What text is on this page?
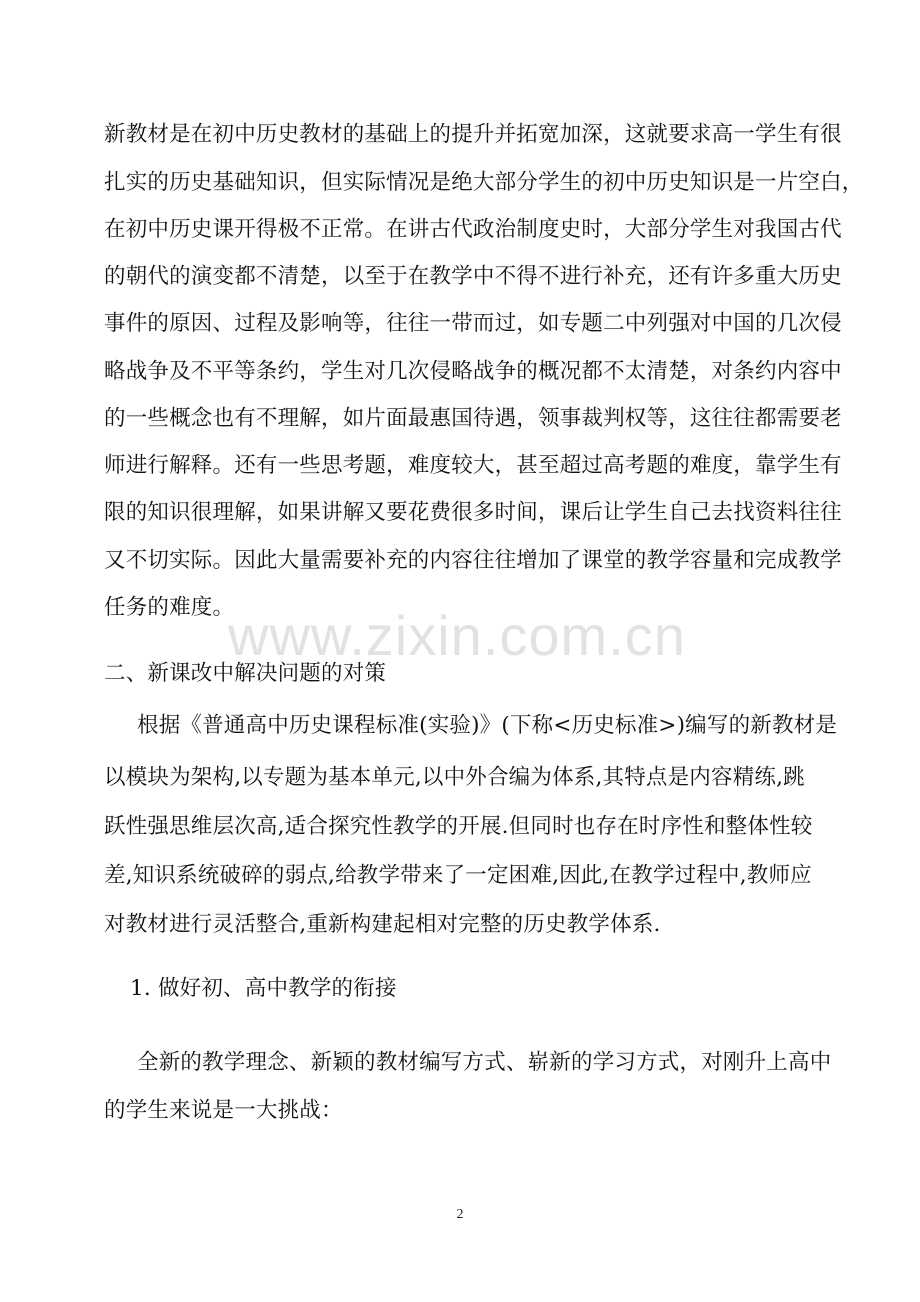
新教材是在初中历史教材的基础上的提升并拓宽加深，这就要求高一学生有很
扎实的历史基础知识，但实际情况是绝大部分学生的初中历史知识是一片空白，
在初中历史课开得极不正常。在讲古代政治制度史时，大部分学生对我国古代
的朝代的演变都不清楚，以至于在教学中不得不进行补充，还有许多重大历史
事件的原因、过程及影响等，往往一带而过，如专题二中列强对中国的几次侵
略战争及不平等条约，学生对几次侵略战争的概况都不太清楚，对条约内容中
的一些概念也有不理解，如片面最惠国待遇，领事裁判权等，这往往都需要老
师进行解释。还有一些思考题，难度较大，甚至超过高考题的难度，靠学生有
限的知识很理解，如果讲解又要花费很多时间，课后让学生自己去找资料往往
又不切实际。因此大量需要补充的内容往往增加了课堂的教学容量和完成教学
任务的难度。
www.zixin.com.cn
二、新课改中解决问题的对策
根据《普通高中历史课程标准(实验)》(下称<历史标准>)编写的新教材是
以模块为架构,以专题为基本单元,以中外合编为体系,其特点是内容精练,跳
跃性强思维层次高,适合探究性教学的开展.但同时也存在时序性和整体性较
差,知识系统破碎的弱点,给教学带来了一定困难,因此,在教学过程中,教师应
对教材进行灵活整合,重新构建起相对完整的历史教学体系.
1. 做好初、高中教学的衔接
全新的教学理念、新颖的教材编写方式、崭新的学习方式，对刚升上高中
的学生来说是一大挑战：
2
